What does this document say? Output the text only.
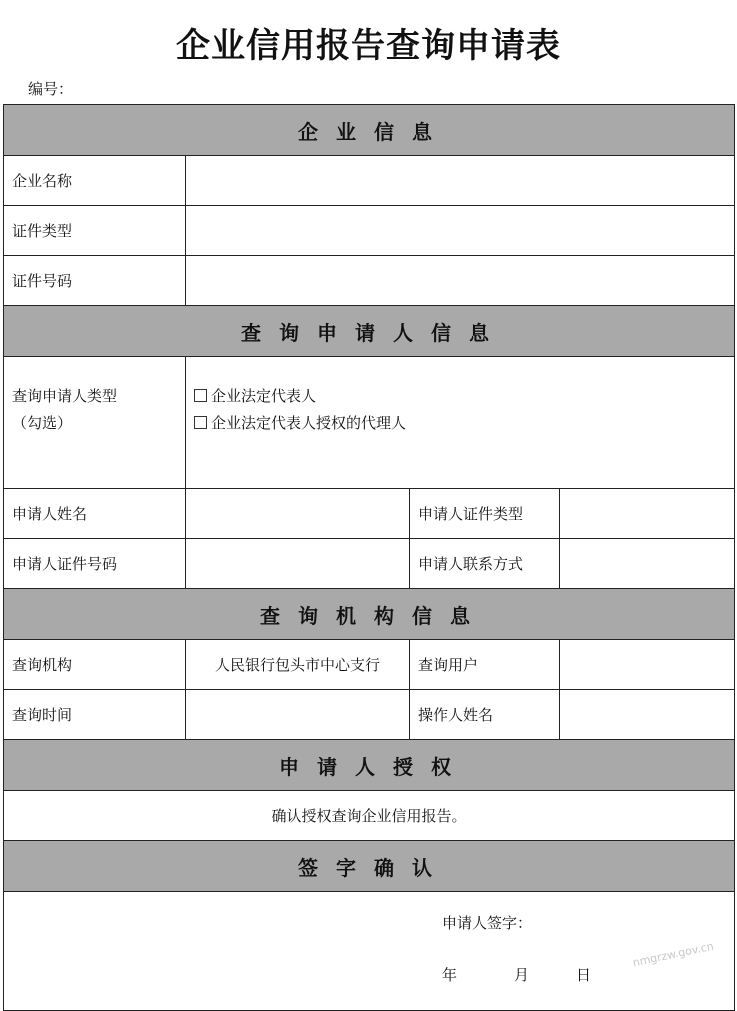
企业信用报告查询申请表
编号：
企业信息			
企业名称			
证件类型			
证件号码			
查询申请人信息			
查询申请人类型
（勾选）	企业法定代表人
企业法定代表人授权的代理人		

申请人姓名		申请人证件类型	
申请人证件号码		申请人联系方式	
查询机构信息			
查询机构	人民银行包头市中心支行	查询用户	
查询时间		操作人姓名	
申请人授权			
确认授权查询企业信用报告。			
签字确认			

申请人签字：
年 月 日			
nmgrzw.gov.cn
